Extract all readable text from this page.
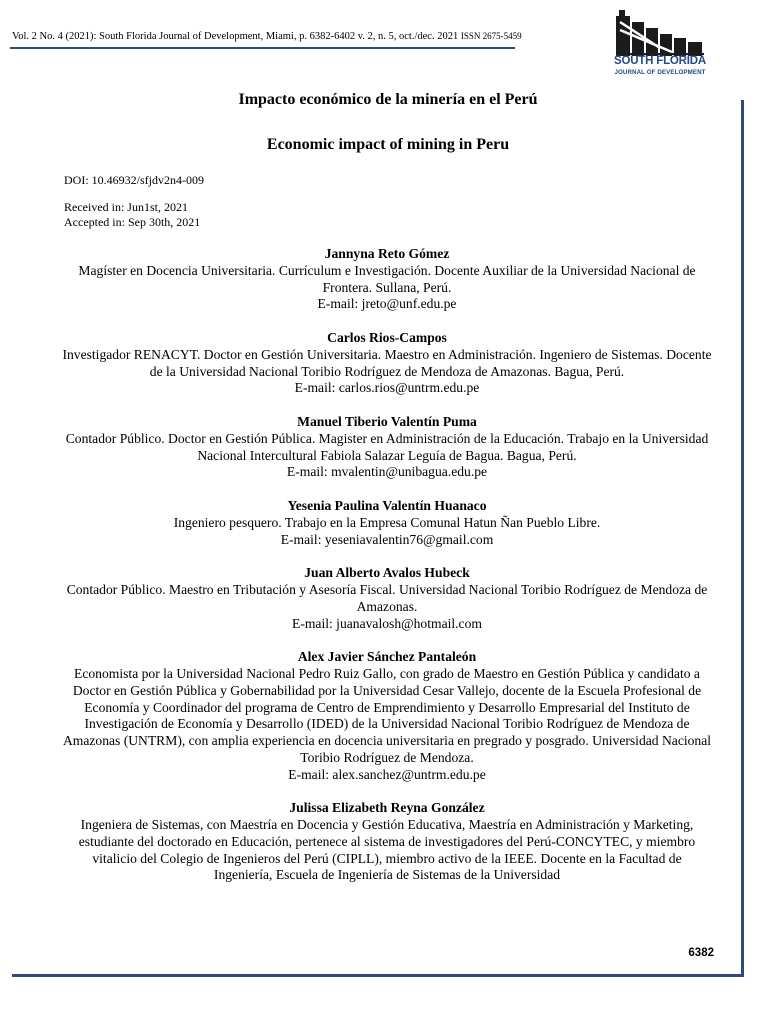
Vol. 2 No. 4 (2021): South Florida Journal of Development, Miami, p. 6382-6402 v. 2, n. 5, oct./dec. 2021 ISSN 2675-5459
SOUTH FLORIDA
JOURNAL OF DEVELOPMENT
Impacto económico de la minería en el Perú
Economic impact of mining in Peru
DOI: 10.46932/sfjdv2n4-009
Received in: Jun1st, 2021
Accepted in: Sep 30th, 2021
Jannyna Reto Gómez

Magíster en Docencia Universitaria. Currículum e Investigación. Docente Auxiliar de la Universidad Nacional de Frontera. Sullana, Perú.

E-mail: jreto@unf.edu.pe
Carlos Rios-Campos

Investigador RENACYT. Doctor en Gestión Universitaria. Maestro en Administración. Ingeniero de Sistemas. Docente de la Universidad Nacional Toribio Rodríguez de Mendoza de Amazonas. Bagua, Perú.

E-mail: carlos.rios@untrm.edu.pe
Manuel Tiberio Valentín Puma

Contador Público. Doctor en Gestión Pública. Magister en Administración de la Educación. Trabajo en la Universidad Nacional Intercultural Fabiola Salazar Leguía de Bagua. Bagua, Perú.

E-mail: mvalentin@unibagua.edu.pe
Yesenia Paulina Valentín Huanaco

Ingeniero pesquero. Trabajo en la Empresa Comunal Hatun Ñan Pueblo Libre.

E-mail: yeseniavalentin76@gmail.com
Juan Alberto Avalos Hubeck

Contador Público. Maestro en Tributación y Asesoría Fiscal. Universidad Nacional Toribio Rodríguez de Mendoza de Amazonas.

E-mail: juanavalosh@hotmail.com
Alex Javier Sánchez Pantaleón

Economista por la Universidad Nacional Pedro Ruiz Gallo, con grado de Maestro en Gestión Pública y candidato a Doctor en Gestión Pública y Gobernabilidad por la Universidad Cesar Vallejo, docente de la Escuela Profesional de Economía y Coordinador del programa de Centro de Emprendimiento y Desarrollo Empresarial del Instituto de Investigación de Economía y Desarrollo (IDED) de la Universidad Nacional Toribio Rodríguez de Mendoza de Amazonas (UNTRM), con amplia experiencia en docencia universitaria en pregrado y posgrado. Universidad Nacional Toribio Rodríguez de Mendoza.

E-mail: alex.sanchez@untrm.edu.pe
Julissa Elizabeth Reyna González

Ingeniera de Sistemas, con Maestría en Docencia y Gestión Educativa, Maestría en Administración y Marketing, estudiante del doctorado en Educación, pertenece al sistema de investigadores del Perú-CONCYTEC, y miembro vitalicio del Colegio de Ingenieros del Perú (CIPLL), miembro activo de la IEEE. Docente en la Facultad de Ingeniería, Escuela de Ingeniería de Sistemas de la Universidad

6382
